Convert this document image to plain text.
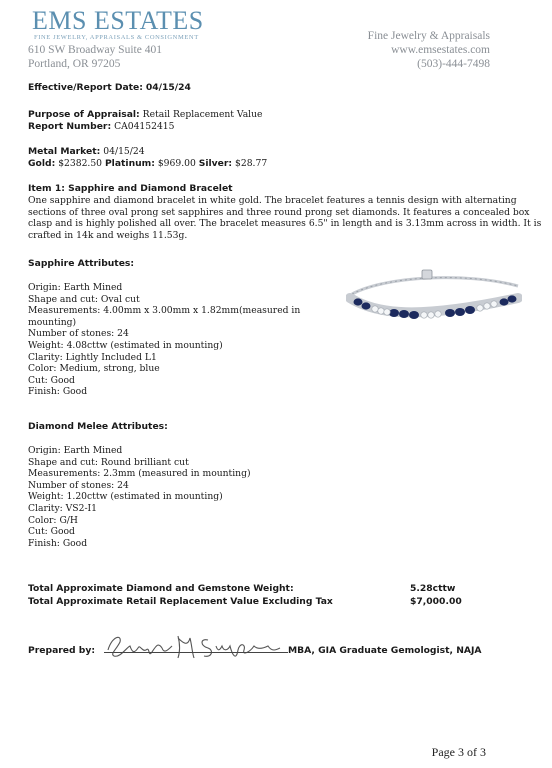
EMS ESTATES
FINE JEWELRY, APPRAISALS & CONSIGNMENT
610 SW Broadway Suite 401
Portland, OR 97205
Fine Jewelry & Appraisals
www.emsestates.com
(503)-444-7498
Effective/Report Date: 04/15/24
Purpose of Appraisal: Retail Replacement Value
Report Number: CA04152415
Metal Market: 04/15/24
Gold: $2382.50 Platinum: $969.00 Silver: $28.77
Item 1: Sapphire and Diamond Bracelet
One sapphire and diamond bracelet in white gold. The bracelet features a tennis design with alternating
sections of three oval prong set sapphires and three round prong set diamonds. It features a concealed box
clasp and is highly polished all over. The bracelet measures 6.5" in length and is 3.13mm across in width. It is
crafted in 14k and weighs 11.53g.
Sapphire Attributes:
Origin: Earth Mined
Shape and cut: Oval cut
Measurements: 4.00mm x 3.00mm x 1.82mm(measured in
mounting)
Number of stones: 24
Weight: 4.08cttw (estimated in mounting)
Clarity: Lightly Included L1
Color: Medium, strong, blue
Cut: Good
Finish: Good
Diamond Melee Attributes:
Origin: Earth Mined
Shape and cut: Round brilliant cut
Measurements: 2.3mm (measured in mounting)
Number of stones: 24
Weight: 1.20cttw (estimated in mounting)
Clarity: VS2-I1
Color: G/H
Cut: Good
Finish: Good
Total Approximate Diamond and Gemstone Weight:	5.28cttw
Total Approximate Retail Replacement Value Excluding Tax	$7,000.00
Prepared by:	MBA, GIA Graduate Gemologist, NAJA
Page 3 of 3
